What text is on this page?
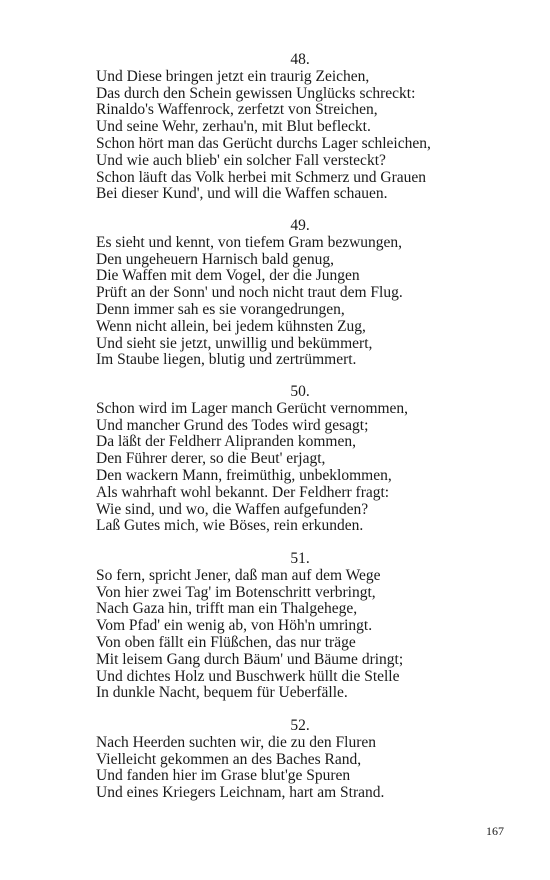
48.
Und Diese bringen jetzt ein traurig Zeichen,
Das durch den Schein gewissen Unglücks schreckt:
Rinaldo's Waffenrock, zerfetzt von Streichen,
Und seine Wehr, zerhau'n, mit Blut befleckt.
Schon hört man das Gerücht durchs Lager schleichen,
Und wie auch blieb' ein solcher Fall versteckt?
Schon läuft das Volk herbei mit Schmerz und Grauen
Bei dieser Kund', und will die Waffen schauen.
49.
Es sieht und kennt, von tiefem Gram bezwungen,
Den ungeheuern Harnisch bald genug,
Die Waffen mit dem Vogel, der die Jungen
Prüft an der Sonn' und noch nicht traut dem Flug.
Denn immer sah es sie vorangedrungen,
Wenn nicht allein, bei jedem kühnsten Zug,
Und sieht sie jetzt, unwillig und bekümmert,
Im Staube liegen, blutig und zertrümmert.
50.
Schon wird im Lager manch Gerücht vernommen,
Und mancher Grund des Todes wird gesagt;
Da läßt der Feldherr Alipranden kommen,
Den Führer derer, so die Beut' erjagt,
Den wackern Mann, freimüthig, unbeklommen,
Als wahrhaft wohl bekannt. Der Feldherr fragt:
Wie sind, und wo, die Waffen aufgefunden?
Laß Gutes mich, wie Böses, rein erkunden.
51.
So fern, spricht Jener, daß man auf dem Wege
Von hier zwei Tag' im Botenschritt verbringt,
Nach Gaza hin, trifft man ein Thalgehege,
Vom Pfad' ein wenig ab, von Höh'n umringt.
Von oben fällt ein Flüßchen, das nur träge
Mit leisem Gang durch Bäum' und Bäume dringt;
Und dichtes Holz und Buschwerk hüllt die Stelle
In dunkle Nacht, bequem für Ueberfälle.
52.
Nach Heerden suchten wir, die zu den Fluren
Vielleicht gekommen an des Baches Rand,
Und fanden hier im Grase blut'ge Spuren
Und eines Kriegers Leichnam, hart am Strand.
167
